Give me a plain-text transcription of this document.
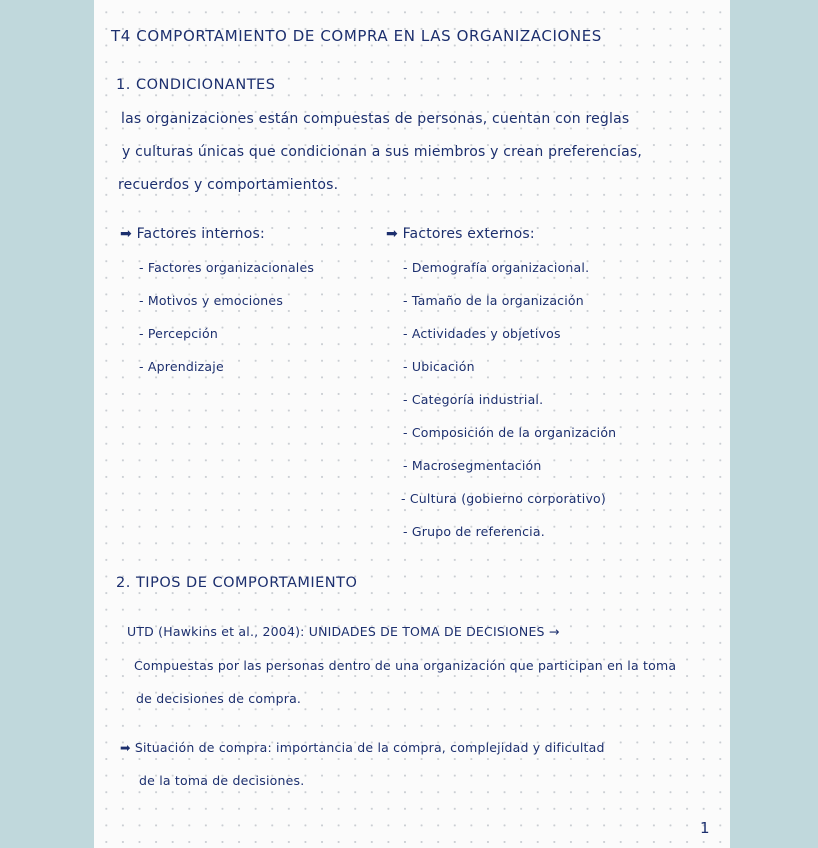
T4 COMPORTAMIENTO DE COMPRA EN LAS ORGANIZACIONES
1. CONDICIONANTES
las organizaciones están compuestas de personas, cuentan con reglas
y culturas únicas que condicionan a sus miembros y crean preferencias,
recuerdos y comportamientos.
➡ Factores internos:
- Factores organizacionales
- Motivos y emociones
- Percepción
- Aprendizaje
➡ Factores externos:
- Demografía organizacional.
- Tamaño de la organización
- Actividades y objetivos
- Ubicación
- Categoría industrial.
- Composición de la organización
- Macrosegmentación
- Cultura (gobierno corporativo)
- Grupo de referencia.
2. TIPOS DE COMPORTAMIENTO
UTD (Hawkins et al., 2004): UNIDADES DE TOMA DE DECISIONES →
Compuestas por las personas dentro de una organización que participan en la toma
de decisiones de compra.
➡ Situación de compra: importancia de la compra, complejidad y dificultad
de la toma de decisiones.
1
